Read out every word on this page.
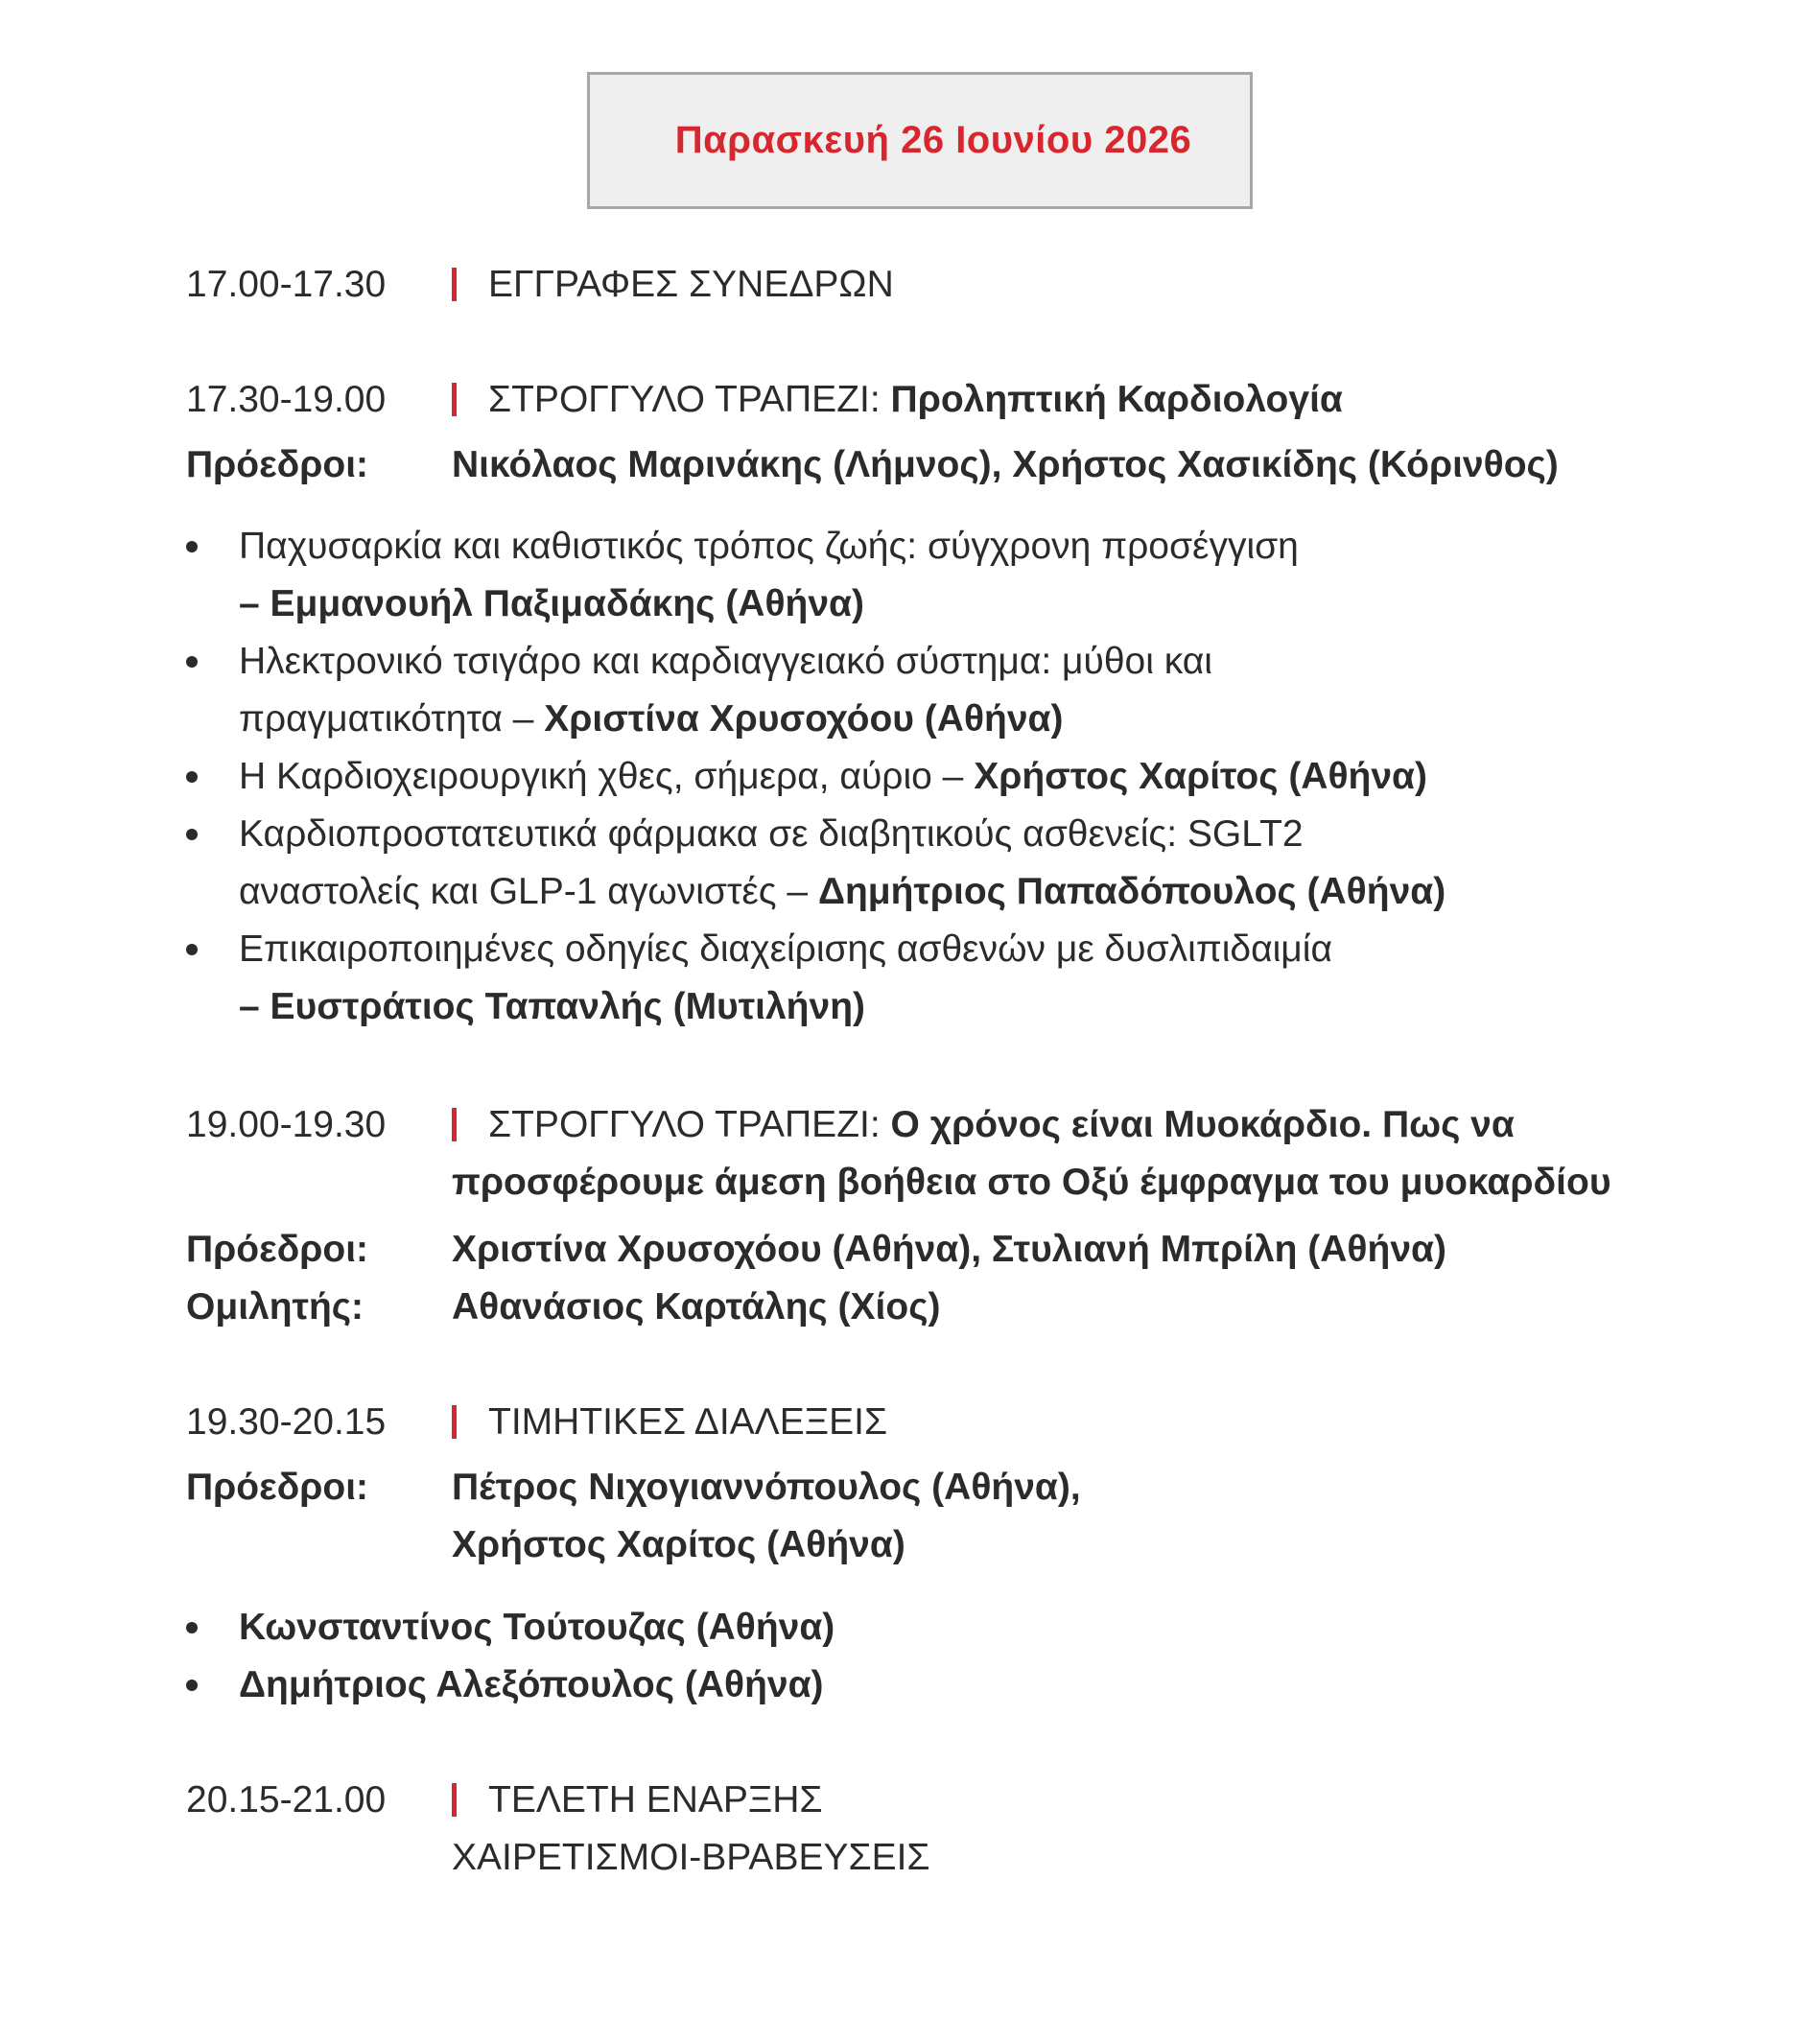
Παρασκευή 26 Ιουνίου 2026
17.00-17.30	ΕΓΓΡΑΦΕΣ ΣΥΝΕΔΡΩΝ
17.30-19.00	ΣΤΡΟΓΓΥΛΟ ΤΡΑΠΕΖΙ: Προληπτική Καρδιολογία
Πρόεδροι: Νικόλαος Μαρινάκης (Λήμνος), Χρήστος Χασικίδης (Κόρινθος)
Παχυσαρκία και καθιστικός τρόπος ζωής: σύγχρονη προσέγγιση
– Εμμανουήλ Παξιμαδάκης (Αθήνα)
Ηλεκτρονικό τσιγάρο και καρδιαγγειακό σύστημα: μύθοι και
πραγματικότητα – Χριστίνα Χρυσοχόου (Αθήνα)
Η Καρδιοχειρουργική χθες, σήμερα, αύριο – Χρήστος Χαρίτος (Αθήνα)
Καρδιοπροστατευτικά φάρμακα σε διαβητικούς ασθενείς: SGLT2
αναστολείς και GLP-1 αγωνιστές – Δημήτριος Παπαδόπουλος (Αθήνα)
Επικαιροποιημένες οδηγίες διαχείρισης ασθενών με δυσλιπιδαιμία
– Ευστράτιος Ταπανλής (Μυτιλήνη)
19.00-19.30	ΣΤΡΟΓΓΥΛΟ ΤΡΑΠΕΖΙ: Ο χρόνος είναι Μυοκάρδιο. Πως να
προσφέρουμε άμεση βοήθεια στο Οξύ έμφραγμα του μυοκαρδίου
Πρόεδροι: Χριστίνα Χρυσοχόου (Αθήνα), Στυλιανή Μπρίλη (Αθήνα)
Ομιλητής: Αθανάσιος Καρτάλης (Χίος)
19.30-20.15	ΤΙΜΗΤΙΚΕΣ ΔΙΑΛΕΞΕΙΣ
Πρόεδροι: Πέτρος Νιχογιαννόπουλος (Αθήνα),
Χρήστος Χαρίτος (Αθήνα)
Κωνσταντίνος Τούτουζας (Αθήνα)
Δημήτριος Αλεξόπουλος (Αθήνα)
20.15-21.00	ΤΕΛΕΤΗ ΕΝΑΡΞΗΣ
ΧΑΙΡΕΤΙΣΜΟΙ-ΒΡΑΒΕΥΣΕΙΣ
